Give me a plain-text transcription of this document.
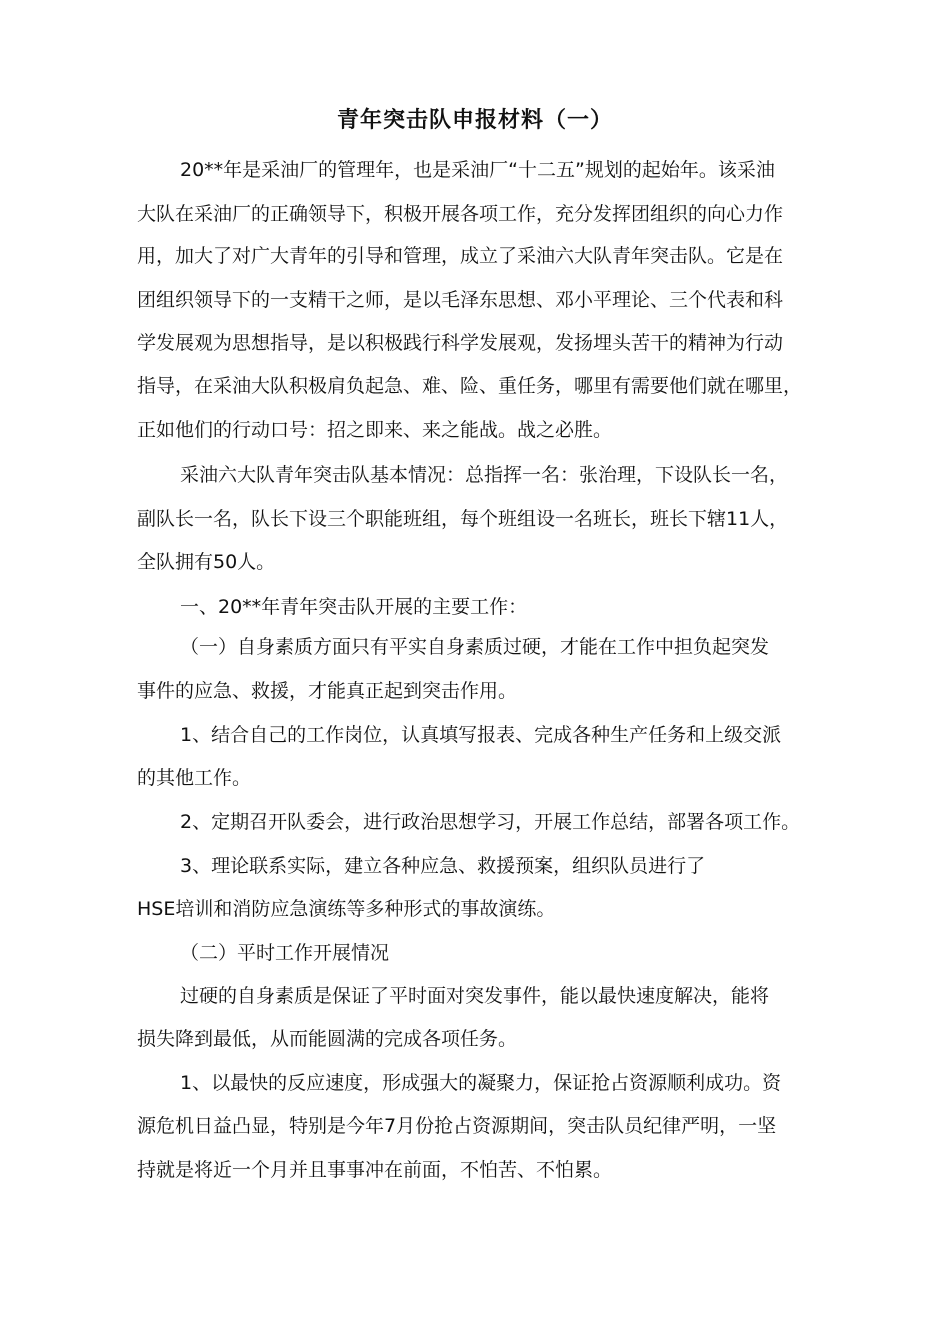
青年突击队申报材料（一）
20**年是采油厂的管理年，也是采油厂“十二五”规划的起始年。该采油
大队在采油厂的正确领导下，积极开展各项工作，充分发挥团组织的向心力作
用，加大了对广大青年的引导和管理，成立了采油六大队青年突击队。它是在
团组织领导下的一支精干之师，是以毛泽东思想、邓小平理论、三个代表和科
学发展观为思想指导，是以积极践行科学发展观，发扬埋头苦干的精神为行动
指导，在采油大队积极肩负起急、难、险、重任务，哪里有需要他们就在哪里，
正如他们的行动口号：招之即来、来之能战。战之必胜。
采油六大队青年突击队基本情况：总指挥一名：张治理，下设队长一名，
副队长一名，队长下设三个职能班组，每个班组设一名班长，班长下辖11人，
全队拥有50人。
一、20**年青年突击队开展的主要工作：
（一）自身素质方面只有平实自身素质过硬，才能在工作中担负起突发
事件的应急、救援，才能真正起到突击作用。
1、结合自己的工作岗位，认真填写报表、完成各种生产任务和上级交派
的其他工作。
2、定期召开队委会，进行政治思想学习，开展工作总结，部署各项工作。
3、理论联系实际，建立各种应急、救援预案，组织队员进行了
HSE培训和消防应急演练等多种形式的事故演练。
（二）平时工作开展情况
过硬的自身素质是保证了平时面对突发事件，能以最快速度解决，能将
损失降到最低，从而能圆满的完成各项任务。
1、以最快的反应速度，形成强大的凝聚力，保证抢占资源顺利成功。资
源危机日益凸显，特别是今年7月份抢占资源期间，突击队员纪律严明，一坚
持就是将近一个月并且事事冲在前面，不怕苦、不怕累。
